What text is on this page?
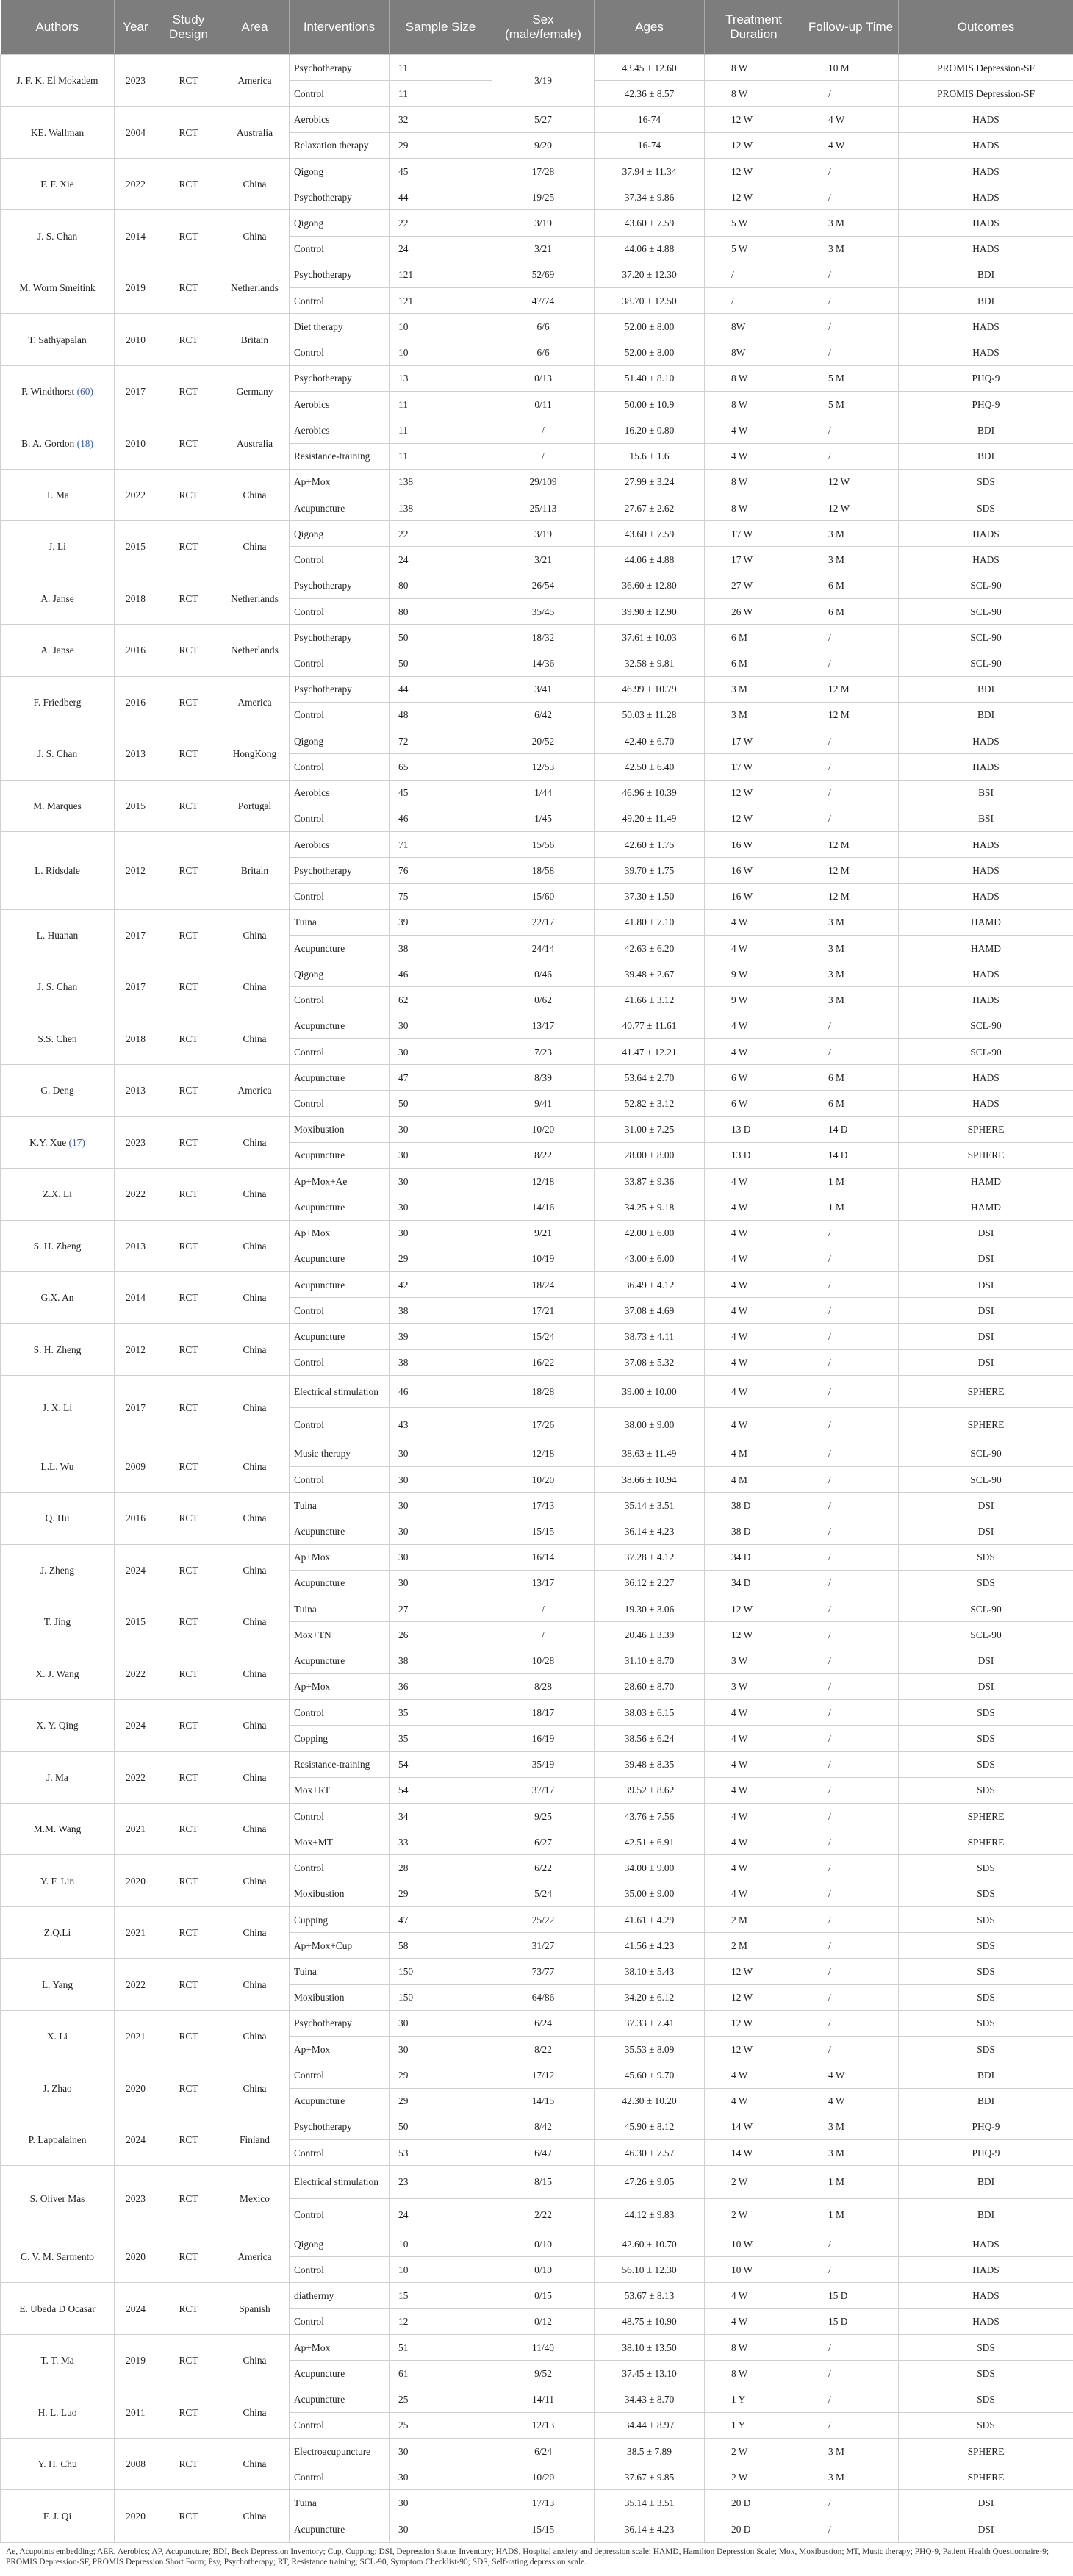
Authors	Year	Study Design	Area	Interventions	Sample Size	Sex (male/female)	Ages	Treatment Duration	Follow-up Time	Outcomes
J. F. K. El Mokadem	2023	RCT	America	Psychotherapy	11	3/19	43.45 ± 12.60	8 W	10 M	PROMIS Depression-SF
				Control	11		42.36 ± 8.57	8 W	/	PROMIS Depression-SF
KE. Wallman	2004	RCT	Australia	Aerobics	32	5/27	16-74	12 W	4 W	HADS
				Relaxation therapy	29	9/20	16-74	12 W	4 W	HADS
F. F. Xie	2022	RCT	China	Qigong	45	17/28	37.94 ± 11.34	12 W	/	HADS
				Psychotherapy	44	19/25	37.34 ± 9.86	12 W	/	HADS
J. S. Chan	2014	RCT	China	Qigong	22	3/19	43.60 ± 7.59	5 W	3 M	HADS
				Control	24	3/21	44.06 ± 4.88	5 W	3 M	HADS
M. Worm Smeitink	2019	RCT	Netherlands	Psychotherapy	121	52/69	37.20 ± 12.30	/	/	BDI
				Control	121	47/74	38.70 ± 12.50	/	/	BDI
T. Sathyapalan	2010	RCT	Britain	Diet therapy	10	6/6	52.00 ± 8.00	8W	/	HADS
				Control	10	6/6	52.00 ± 8.00	8W	/	HADS
P. Windthorst (60)	2017	RCT	Germany	Psychotherapy	13	0/13	51.40 ± 8.10	8 W	5 M	PHQ-9
				Aerobics	11	0/11	50.00 ± 10.9	8 W	5 M	PHQ-9
B. A. Gordon (18)	2010	RCT	Australia	Aerobics	11	/	16.20 ± 0.80	4 W	/	BDI
				Resistance-training	11	/	15.6 ± 1.6	4 W	/	BDI
T. Ma	2022	RCT	China	Ap+Mox	138	29/109	27.99 ± 3.24	8 W	12 W	SDS
				Acupuncture	138	25/113	27.67 ± 2.62	8 W	12 W	SDS
J. Li	2015	RCT	China	Qigong	22	3/19	43.60 ± 7.59	17 W	3 M	HADS
				Control	24	3/21	44.06 ± 4.88	17 W	3 M	HADS
A. Janse	2018	RCT	Netherlands	Psychotherapy	80	26/54	36.60 ± 12.80	27 W	6 M	SCL-90
				Control	80	35/45	39.90 ± 12.90	26 W	6 M	SCL-90
A. Janse	2016	RCT	Netherlands	Psychotherapy	50	18/32	37.61 ± 10.03	6 M	/	SCL-90
				Control	50	14/36	32.58 ± 9.81	6 M	/	SCL-90
F. Friedberg	2016	RCT	America	Psychotherapy	44	3/41	46.99 ± 10.79	3 M	12 M	BDI
				Control	48	6/42	50.03 ± 11.28	3 M	12 M	BDI
J. S. Chan	2013	RCT	HongKong	Qigong	72	20/52	42.40 ± 6.70	17 W	/	HADS
				Control	65	12/53	42.50 ± 6.40	17 W	/	HADS
M. Marques	2015	RCT	Portugal	Aerobics	45	1/44	46.96 ± 10.39	12 W	/	BSI
				Control	46	1/45	49.20 ± 11.49	12 W	/	BSI
L. Ridsdale	2012	RCT	Britain	Aerobics	71	15/56	42.60 ± 1.75	16 W	12 M	HADS
				Psychotherapy	76	18/58	39.70 ± 1.75	16 W	12 M	HADS
				Control	75	15/60	37.30 ± 1.50	16 W	12 M	HADS
L. Huanan	2017	RCT	China	Tuina	39	22/17	41.80 ± 7.10	4 W	3 M	HAMD
				Acupuncture	38	24/14	42.63 ± 6.20	4 W	3 M	HAMD
J. S. Chan	2017	RCT	China	Qigong	46	0/46	39.48 ± 2.67	9 W	3 M	HADS
				Control	62	0/62	41.66 ± 3.12	9 W	3 M	HADS
S.S. Chen	2018	RCT	China	Acupuncture	30	13/17	40.77 ± 11.61	4 W	/	SCL-90
				Control	30	7/23	41.47 ± 12.21	4 W	/	SCL-90
G. Deng	2013	RCT	America	Acupuncture	47	8/39	53.64 ± 2.70	6 W	6 M	HADS
				Control	50	9/41	52.82 ± 3.12	6 W	6 M	HADS
K.Y. Xue (17)	2023	RCT	China	Moxibustion	30	10/20	31.00 ± 7.25	13 D	14 D	SPHERE
				Acupuncture	30	8/22	28.00 ± 8.00	13 D	14 D	SPHERE
Z.X. Li	2022	RCT	China	Ap+Mox+Ae	30	12/18	33.87 ± 9.36	4 W	1 M	HAMD
				Acupuncture	30	14/16	34.25 ± 9.18	4 W	1 M	HAMD
S. H. Zheng	2013	RCT	China	Ap+Mox	30	9/21	42.00 ± 6.00	4 W	/	DSI
				Acupuncture	29	10/19	43.00 ± 6.00	4 W	/	DSI
G.X. An	2014	RCT	China	Acupuncture	42	18/24	36.49 ± 4.12	4 W	/	DSI
				Control	38	17/21	37.08 ± 4.69	4 W	/	DSI
S. H. Zheng	2012	RCT	China	Acupuncture	39	15/24	38.73 ± 4.11	4 W	/	DSI
				Control	38	16/22	37.08 ± 5.32	4 W	/	DSI
J. X. Li	2017	RCT	China	Electrical stimulation	46	18/28	39.00 ± 10.00	4 W	/	SPHERE
				Control	43	17/26	38.00 ± 9.00	4 W	/	SPHERE
L.L. Wu	2009	RCT	China	Music therapy	30	12/18	38.63 ± 11.49	4 M	/	SCL-90
				Control	30	10/20	38.66 ± 10.94	4 M	/	SCL-90
Q. Hu	2016	RCT	China	Tuina	30	17/13	35.14 ± 3.51	38 D	/	DSI
				Acupuncture	30	15/15	36.14 ± 4.23	38 D	/	DSI
J. Zheng	2024	RCT	China	Ap+Mox	30	16/14	37.28 ± 4.12	34 D	/	SDS
				Acupuncture	30	13/17	36.12 ± 2.27	34 D	/	SDS
T. Jing	2015	RCT	China	Tuina	27	/	19.30 ± 3.06	12 W	/	SCL-90
				Mox+TN	26	/	20.46 ± 3.39	12 W	/	SCL-90
X. J. Wang	2022	RCT	China	Acupuncture	38	10/28	31.10 ± 8.70	3 W	/	DSI
				Ap+Mox	36	8/28	28.60 ± 8.70	3 W	/	DSI
X. Y. Qing	2024	RCT	China	Control	35	18/17	38.03 ± 6.15	4 W	/	SDS
				Copping	35	16/19	38.56 ± 6.24	4 W	/	SDS
J. Ma	2022	RCT	China	Resistance-training	54	35/19	39.48 ± 8.35	4 W	/	SDS
				Mox+RT	54	37/17	39.52 ± 8.62	4 W	/	SDS
M.M. Wang	2021	RCT	China	Control	34	9/25	43.76 ± 7.56	4 W	/	SPHERE
				Mox+MT	33	6/27	42.51 ± 6.91	4 W	/	SPHERE
Y. F. Lin	2020	RCT	China	Control	28	6/22	34.00 ± 9.00	4 W	/	SDS
				Moxibustion	29	5/24	35.00 ± 9.00	4 W	/	SDS
Z.Q.Li	2021	RCT	China	Cupping	47	25/22	41.61 ± 4.29	2 M	/	SDS
				Ap+Mox+Cup	58	31/27	41.56 ± 4.23	2 M	/	SDS
L. Yang	2022	RCT	China	Tuina	150	73/77	38.10 ± 5.43	12 W	/	SDS
				Moxibustion	150	64/86	34.20 ± 6.12	12 W	/	SDS
X. Li	2021	RCT	China	Psychotherapy	30	6/24	37.33 ± 7.41	12 W	/	SDS
				Ap+Mox	30	8/22	35.53 ± 8.09	12 W	/	SDS
J. Zhao	2020	RCT	China	Control	29	17/12	45.60 ± 9.70	4 W	4 W	BDI
				Acupuncture	29	14/15	42.30 ± 10.20	4 W	4 W	BDI
P. Lappalainen	2024	RCT	Finland	Psychotherapy	50	8/42	45.90 ± 8.12	14 W	3 M	PHQ-9
				Control	53	6/47	46.30 ± 7.57	14 W	3 M	PHQ-9
S. Oliver Mas	2023	RCT	Mexico	Electrical stimulation	23	8/15	47.26 ± 9.05	2 W	1 M	BDI
				Control	24	2/22	44.12 ± 9.83	2 W	1 M	BDI
C. V. M. Sarmento	2020	RCT	America	Qigong	10	0/10	42.60 ± 10.70	10 W	/	HADS
				Control	10	0/10	56.10 ± 12.30	10 W	/	HADS
E. Ubeda D Ocasar	2024	RCT	Spanish	diathermy	15	0/15	53.67 ± 8.13	4 W	15 D	HADS
				Control	12	0/12	48.75 ± 10.90	4 W	15 D	HADS
T. T. Ma	2019	RCT	China	Ap+Mox	51	11/40	38.10 ± 13.50	8 W	/	SDS
				Acupuncture	61	9/52	37.45 ± 13.10	8 W	/	SDS
H. L. Luo	2011	RCT	China	Acupuncture	25	14/11	34.43 ± 8.70	1 Y	/	SDS
				Control	25	12/13	34.44 ± 8.97	1 Y	/	SDS
Y. H. Chu	2008	RCT	China	Electroacupuncture	30	6/24	38.5 ± 7.89	2 W	3 M	SPHERE
				Control	30	10/20	37.67 ± 9.85	2 W	3 M	SPHERE
F. J. Qi	2020	RCT	China	Tuina	30	17/13	35.14 ± 3.51	20 D	/	DSI
				Acupuncture	30	15/15	36.14 ± 4.23	20 D	/	DSI
Ae, Acupoints embedding; AER, Aerobics; AP, Acupuncture; BDI, Beck Depression Inventory; Cup, Cupping; DSI, Depression Status Inventory; HADS, Hospital anxiety and depression scale; HAMD, Hamilton Depression Scale; Mox, Moxibustion; MT, Music therapy; PHQ-9, Patient Health Questionnaire-9; PROMIS Depression-SF, PROMIS Depression Short Form; Psy, Psychotherapy; RT, Resistance training; SCL-90, Symptom Checklist-90; SDS, Self-rating depression scale.
